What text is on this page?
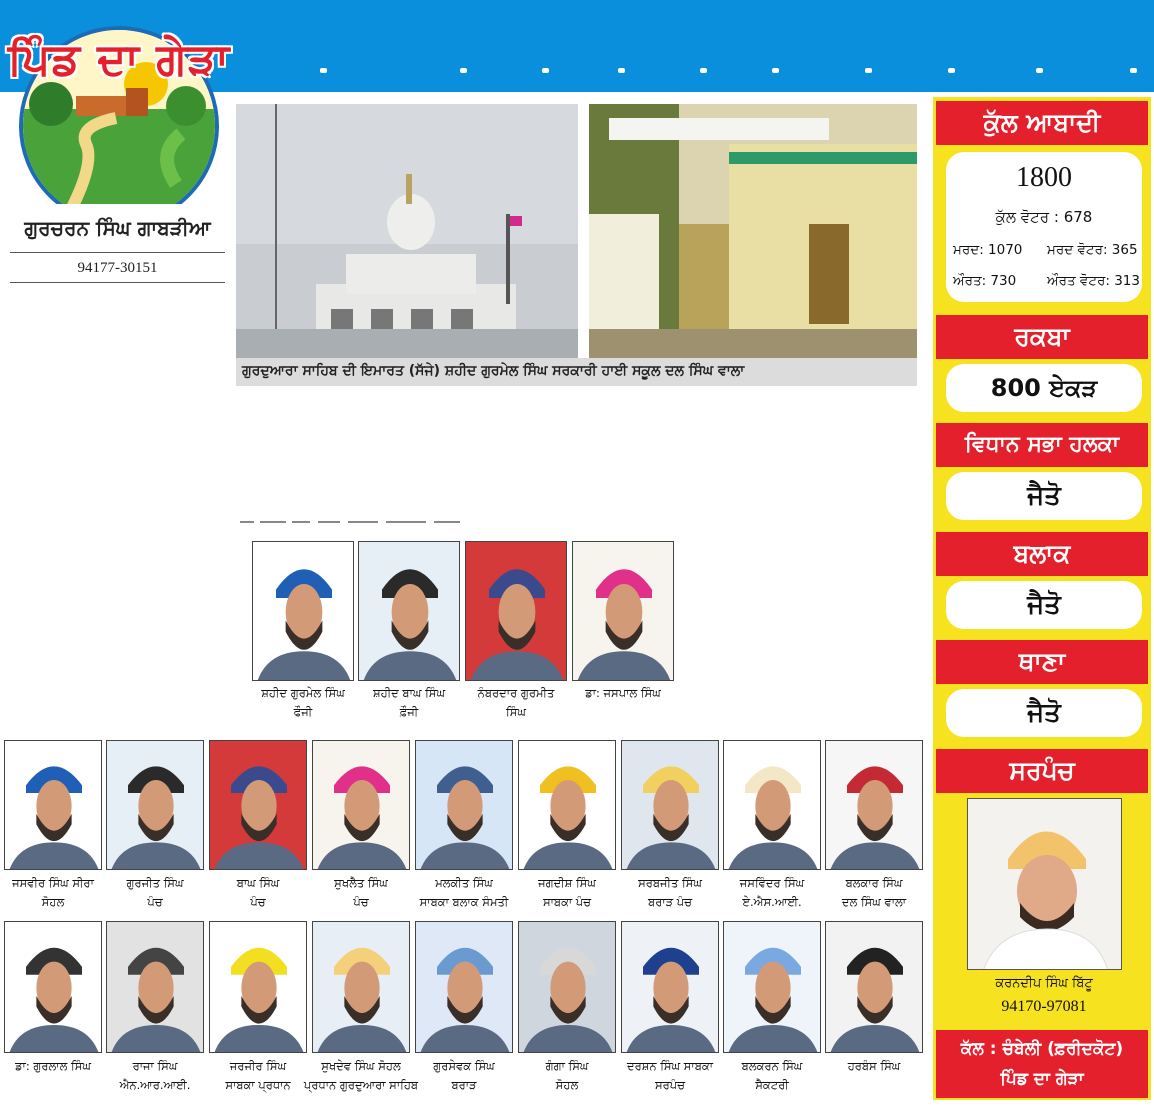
ਪਿੰਡ ਦਾ ਗੇੜਾ
ਗੁਰਚਰਨ ਸਿੰਘ ਗਾਬੜੀਆ
94177-30151
ਗੁਰਦੁਆਰਾ ਸਾਹਿਬ ਦੀ ਇਮਾਰਤ (ਸੱਜੇ) ਸ਼ਹੀਦ ਗੁਰਮੇਲ ਸਿੰਘ ਸਰਕਾਰੀ ਹਾਈ ਸਕੂਲ ਦਲ ਸਿੰਘ ਵਾਲਾ
ਸ਼ਹੀਦ ਗੁਰਮੇਲ ਸਿੰਘ
ਫੌਜੀ
ਸ਼ਹੀਦ ਬਾਘ ਸਿੰਘ
ਫ਼ੌਜੀ
ਨੰਬਰਦਾਰ ਗੁਰਮੀਤ
ਸਿੰਘ
ਡਾ: ਜਸਪਾਲ ਸਿੰਘ
ਜਸਵੀਰ ਸਿੰਘ ਸੀਰਾ
ਸੋਹਲ
ਗੁਰਜੀਤ ਸਿੰਘ
ਪੰਚ
ਬਾਘ ਸਿੰਘ
ਪੰਚ
ਸੁਖਲੈਤ ਸਿੰਘ
ਪੰਚ
ਮਲਕੀਤ ਸਿੰਘ
ਸਾਬਕਾ ਬਲਾਕ ਸੰਮਤੀ
ਜਗਦੀਸ਼ ਸਿੰਘ
ਸਾਬਕਾ ਪੰਚ
ਸਰਬਜੀਤ ਸਿੰਘ
ਬਰਾੜ ਪੰਚ
ਜਸਵਿੰਦਰ ਸਿੰਘ
ਏ.ਐਸ.ਆਈ.
ਬਲਕਾਰ ਸਿੰਘ
ਦਲ ਸਿੰਘ ਵਾਲਾ
ਡਾ: ਗੁਰਲਾਲ ਸਿੰਘ	ਰਾਜਾ ਸਿੰਘ
ਐਨ.ਆਰ.ਆਈ.
ਜਰਜੀਰ ਸਿੰਘ
ਸਾਬਕਾ ਪ੍ਰਧਾਨ
ਸੁਖਦੇਵ ਸਿੰਘ ਸੋਹਲ
ਪ੍ਰਧਾਨ ਗੁਰਦੁਆਰਾ ਸਾਹਿਬ
ਗੁਰਸੇਵਕ ਸਿੰਘ
ਬਰਾੜ
ਗੰਗਾ ਸਿੰਘ
ਸੋਹਲ
ਦਰਸ਼ਨ ਸਿੰਘ ਸਾਬਕਾ
ਸਰਪੰਚ
ਬਲਕਰਨ ਸਿੰਘ
ਸੈਕਟਰੀ
ਹਰਬੰਸ ਸਿੰਘ
ਕੁੱਲ ਆਬਾਦੀ
1800
ਕੁੱਲ ਵੋਟਰ : 678
ਮਰਦ: 1070 ਮਰਦ ਵੋਟਰ: 365
ਔਰਤ: 730 ਔਰਤ ਵੋਟਰ: 313
ਰਕਬਾ
800 ਏਕੜ
ਵਿਧਾਨ ਸਭਾ ਹਲਕਾ
ਜੈਤੋ
ਬਲਾਕ
ਜੈਤੋ
ਥਾਣਾ
ਜੈਤੋ
ਸਰਪੰਚ
ਕਰਨਦੀਪ ਸਿੰਘ ਬਿੱਟੂ
94170-97081
ਕੱਲ : ਚੰਬੇਲੀ (ਫ਼ਰੀਦਕੋਟ)
ਪਿੰਡ ਦਾ ਗੇੜਾ
